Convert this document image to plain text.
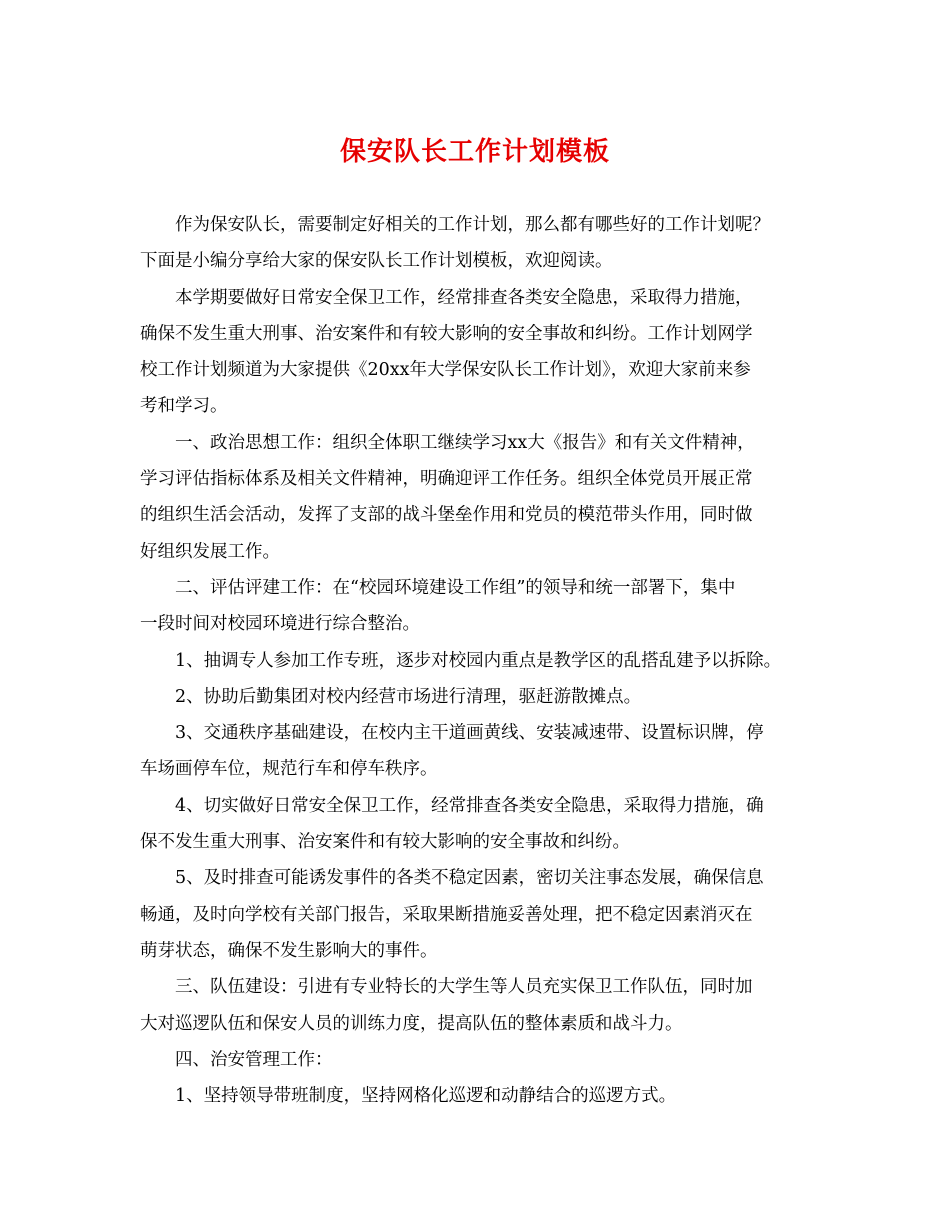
保安队长工作计划模板

作为保安队长，需要制定好相关的工作计划，那么都有哪些好的工作计划呢？
下面是小编分享给大家的保安队长工作计划模板，欢迎阅读。

本学期要做好日常安全保卫工作，经常排查各类安全隐患，采取得力措施，
确保不发生重大刑事、治安案件和有较大影响的安全事故和纠纷。工作计划网学
校工作计划频道为大家提供《20xx年大学保安队长工作计划》，欢迎大家前来参
考和学习。

一、政治思想工作：组织全体职工继续学习xx大《报告》和有关文件精神，
学习评估指标体系及相关文件精神，明确迎评工作任务。组织全体党员开展正常
的组织生活会活动，发挥了支部的战斗堡垒作用和党员的模范带头作用，同时做
好组织发展工作。

二、评估评建工作：在“校园环境建设工作组”的领导和统一部署下，集中
一段时间对校园环境进行综合整治。

1、抽调专人参加工作专班，逐步对校园内重点是教学区的乱搭乱建予以拆除。

2、协助后勤集团对校内经营市场进行清理，驱赶游散摊点。

3、交通秩序基础建设，在校内主干道画黄线、安装减速带、设置标识牌，停
车场画停车位，规范行车和停车秩序。

4、切实做好日常安全保卫工作，经常排查各类安全隐患，采取得力措施，确
保不发生重大刑事、治安案件和有较大影响的安全事故和纠纷。

5、及时排查可能诱发事件的各类不稳定因素，密切关注事态发展，确保信息
畅通，及时向学校有关部门报告，采取果断措施妥善处理，把不稳定因素消灭在
萌芽状态，确保不发生影响大的事件。

三、队伍建设：引进有专业特长的大学生等人员充实保卫工作队伍，同时加
大对巡逻队伍和保安人员的训练力度，提高队伍的整体素质和战斗力。

四、治安管理工作：

1、坚持领导带班制度，坚持网格化巡逻和动静结合的巡逻方式。
